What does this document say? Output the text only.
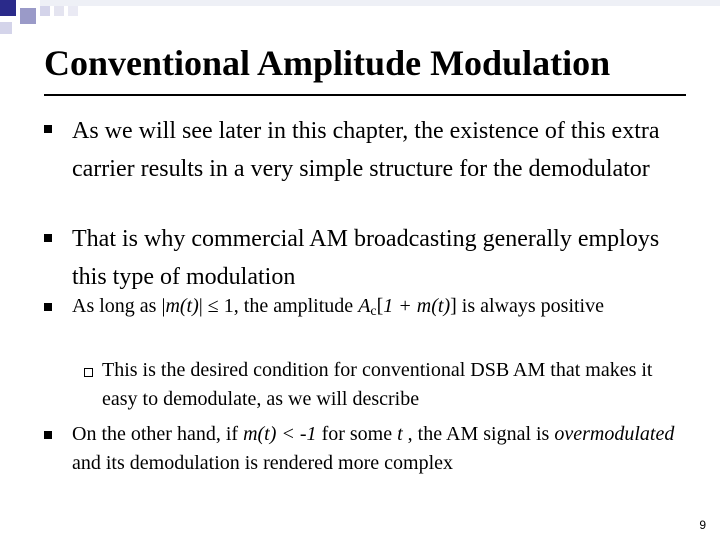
Conventional Amplitude Modulation
As we will see later in this chapter, the existence of this extra carrier results in a very simple structure for the demodulator
That is why commercial AM broadcasting generally employs this type of modulation
As long as |m(t)| ≤ 1, the amplitude $A_c[1 + m(t)]$ is always positive
This is the desired condition for conventional DSB AM that makes it easy to demodulate, as we will describe
On the other hand, if m(t) < -1 for some t , the AM signal is overmodulated and its demodulation is rendered more complex
9
